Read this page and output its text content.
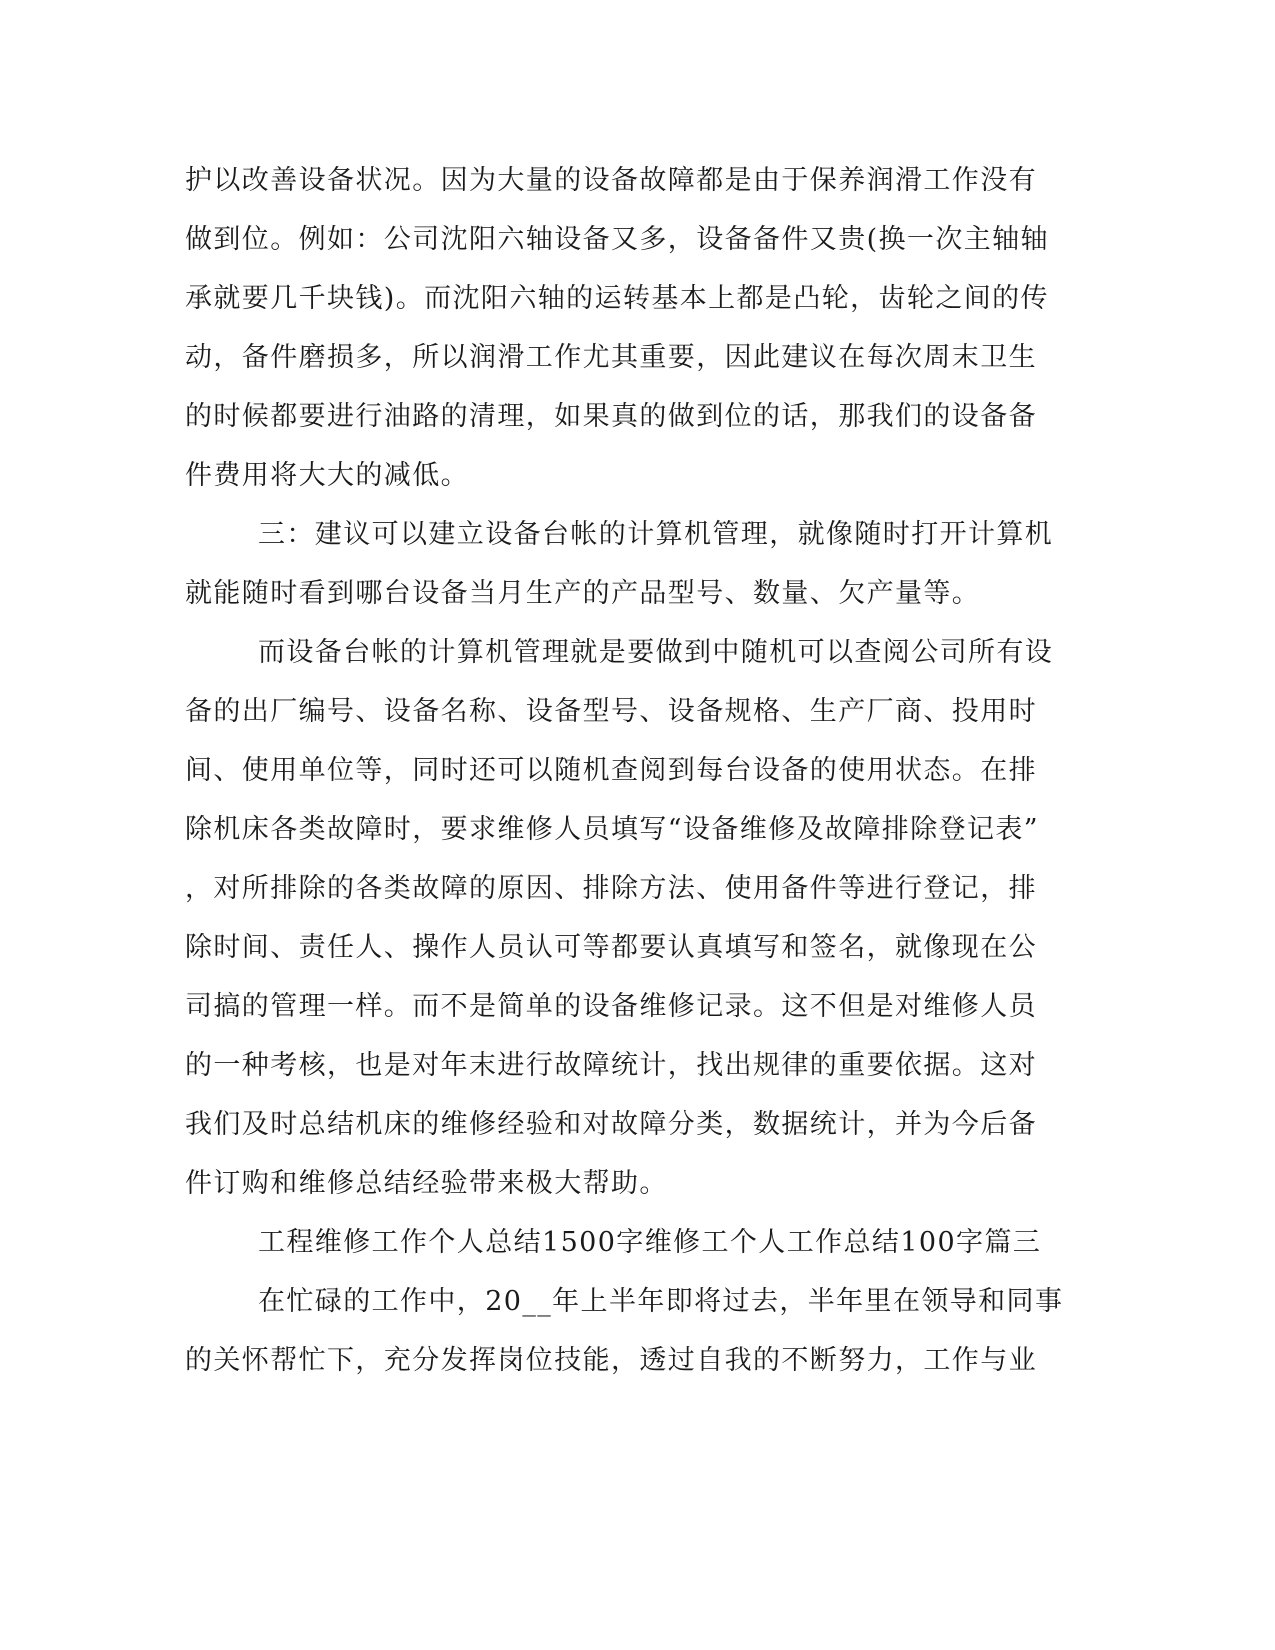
护以改善设备状况。因为大量的设备故障都是由于保养润滑工作没有
做到位。例如：公司沈阳六轴设备又多，设备备件又贵(换一次主轴轴
承就要几千块钱)。而沈阳六轴的运转基本上都是凸轮，齿轮之间的传
动，备件磨损多，所以润滑工作尤其重要，因此建议在每次周末卫生
的时候都要进行油路的清理，如果真的做到位的话，那我们的设备备
件费用将大大的减低。
三：建议可以建立设备台帐的计算机管理，就像随时打开计算机
就能随时看到哪台设备当月生产的产品型号、数量、欠产量等。
而设备台帐的计算机管理就是要做到中随机可以查阅公司所有设
备的出厂编号、设备名称、设备型号、设备规格、生产厂商、投用时
间、使用单位等，同时还可以随机查阅到每台设备的使用状态。在排
除机床各类故障时，要求维修人员填写“设备维修及故障排除登记表”
，对所排除的各类故障的原因、排除方法、使用备件等进行登记，排
除时间、责任人、操作人员认可等都要认真填写和签名，就像现在公
司搞的管理一样。而不是简单的设备维修记录。这不但是对维修人员
的一种考核，也是对年末进行故障统计，找出规律的重要依据。这对
我们及时总结机床的维修经验和对故障分类，数据统计，并为今后备
件订购和维修总结经验带来极大帮助。
工程维修工作个人总结1500字维修工个人工作总结100字篇三
在忙碌的工作中，20__年上半年即将过去，半年里在领导和同事
的关怀帮忙下，充分发挥岗位技能，透过自我的不断努力，工作与业
